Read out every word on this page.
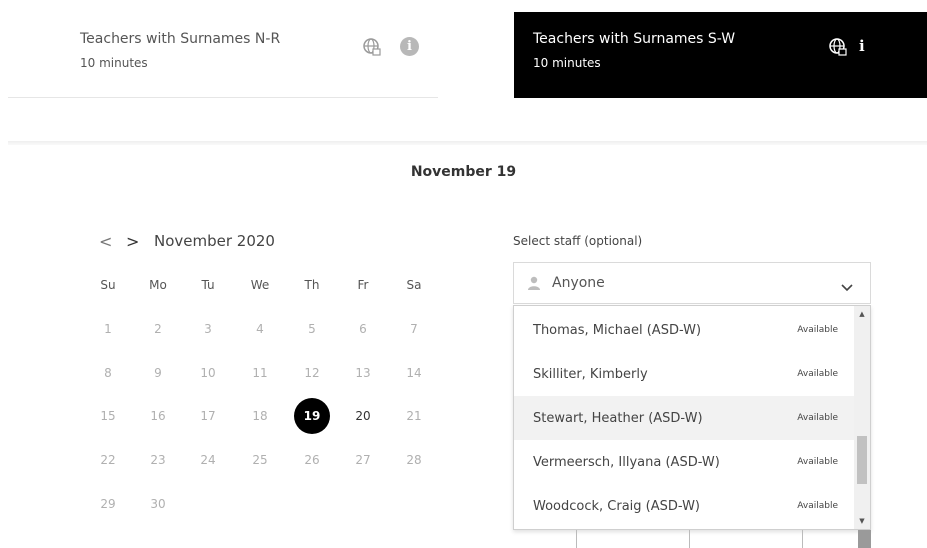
Teachers with Surnames N-R
10 minutes
i	Teachers with Surnames S-W
10 minutes
i
November 19
< > November 2020
Su	Mo	Tu	We	Th	Fr	Sa
1	2	3	4	5	6	7
8	9	10	11	12	13	14
15	16	17	18	19	20	21
22	23	24	25	26	27	28
29	30
Select staff (optional)
Anyone
Thomas, Michael (ASD-W)	Available
Skilliter, Kimberly	Available
Stewart, Heather (ASD-W)	Available
Vermeersch, Illyana (ASD-W)	Available
Woodcock, Craig (ASD-W)	Available
▲
▼
